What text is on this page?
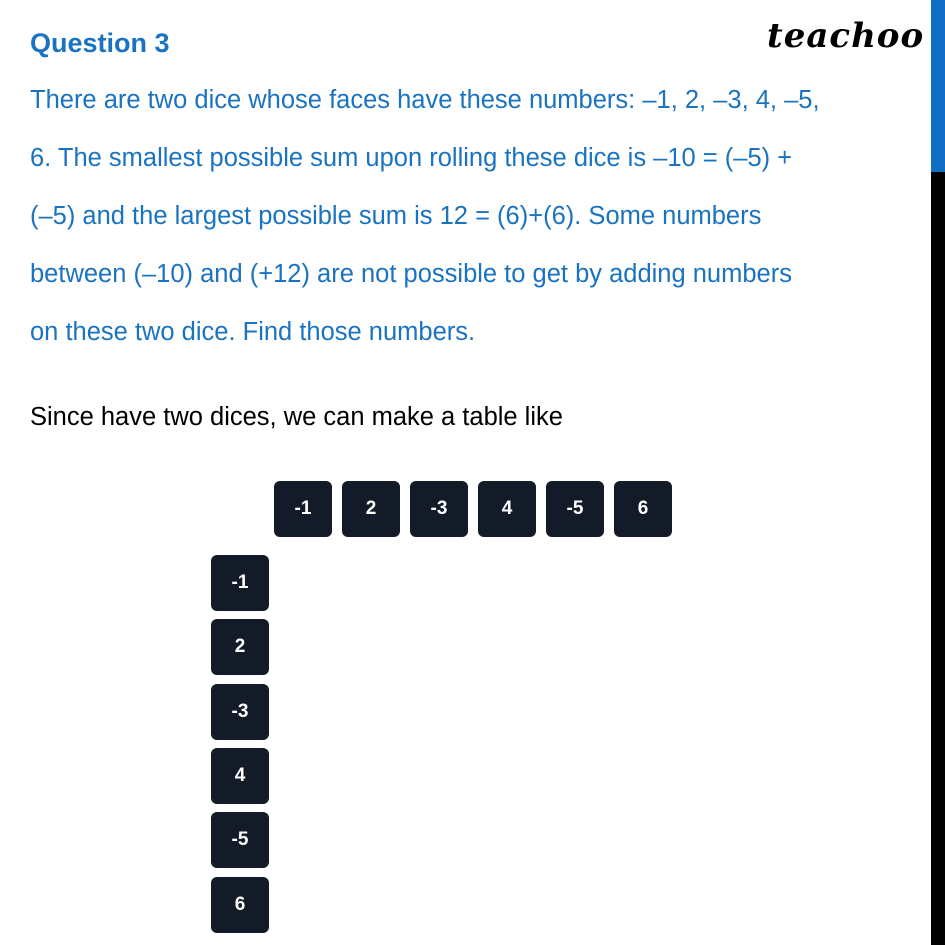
Question 3	teachoo
There are two dice whose faces have these numbers: –1, 2, –3, 4, –5,
6. The smallest possible sum upon rolling these dice is –10 = (–5) +
(–5) and the largest possible sum is 12 = (6)+(6). Some numbers
between (–10) and (+12) are not possible to get by adding numbers
on these two dice. Find those numbers.
Since have two dices, we can make a table like
-1	2	-3	4	-5	6
-1
2
-3
4
-5
6
